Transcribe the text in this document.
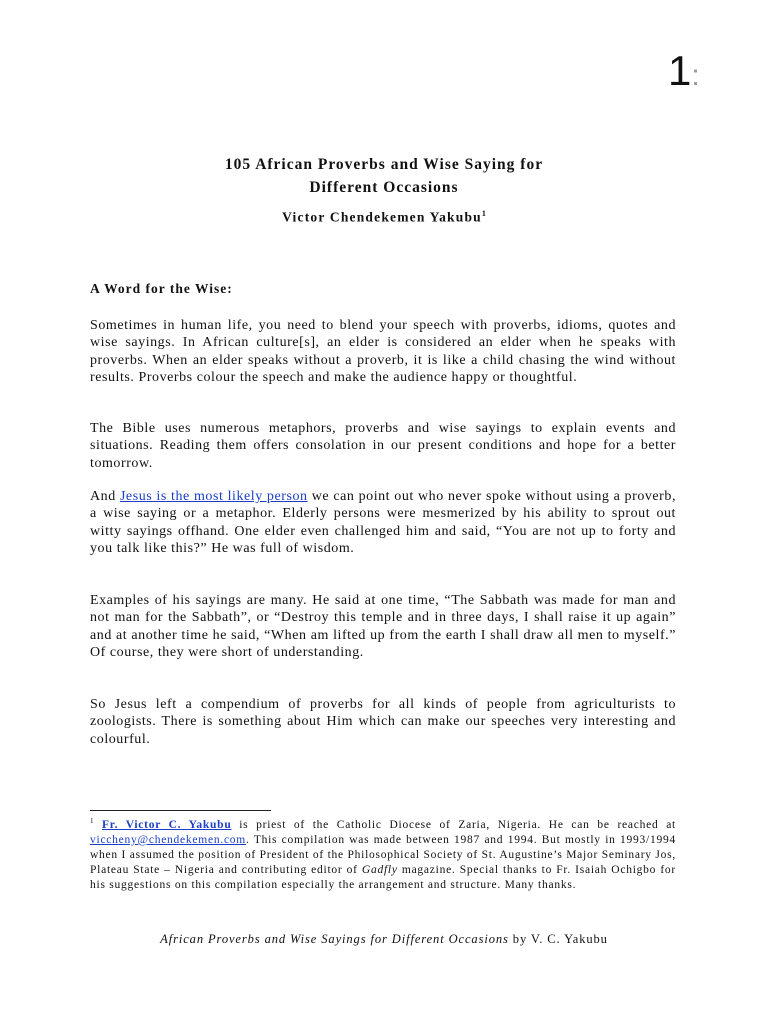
1:
105 African Proverbs and Wise Saying for
Different Occasions
Victor Chendekemen Yakubu$^1$
A Word for the Wise:

Sometimes in human life, you need to blend your speech with proverbs, idioms, quotes and wise sayings. In African culture[s], an elder is considered an elder when he speaks with proverbs. When an elder speaks without a proverb, it is like a child chasing the wind without results. Proverbs colour the speech and make the audience happy or thoughtful.

The Bible uses numerous metaphors, proverbs and wise sayings to explain events and situations. Reading them offers consolation in our present conditions and hope for a better tomorrow.

And Jesus is the most likely person we can point out who never spoke without using a proverb, a wise saying or a metaphor. Elderly persons were mesmerized by his ability to sprout out witty sayings offhand. One elder even challenged him and said, “You are not up to forty and you talk like this?” He was full of wisdom.

Examples of his sayings are many. He said at one time, “The Sabbath was made for man and not man for the Sabbath”, or “Destroy this temple and in three days, I shall raise it up again” and at another time he said, “When am lifted up from the earth I shall draw all men to myself.” Of course, they were short of understanding.

So Jesus left a compendium of proverbs for all kinds of people from agriculturists to zoologists. There is something about Him which can make our speeches very interesting and colourful.

$^1$ Fr. Victor C. Yakubu is priest of the Catholic Diocese of Zaria, Nigeria. He can be reached at viccheny@chendekemen.com. This compilation was made between 1987 and 1994. But mostly in 1993/1994 when I assumed the position of President of the Philosophical Society of St. Augustine’s Major Seminary Jos, Plateau State – Nigeria and contributing editor of Gadfly magazine. Special thanks to Fr. Isaiah Ochigbo for his suggestions on this compilation especially the arrangement and structure. Many thanks.

African Proverbs and Wise Sayings for Different Occasions by V. C. Yakubu
